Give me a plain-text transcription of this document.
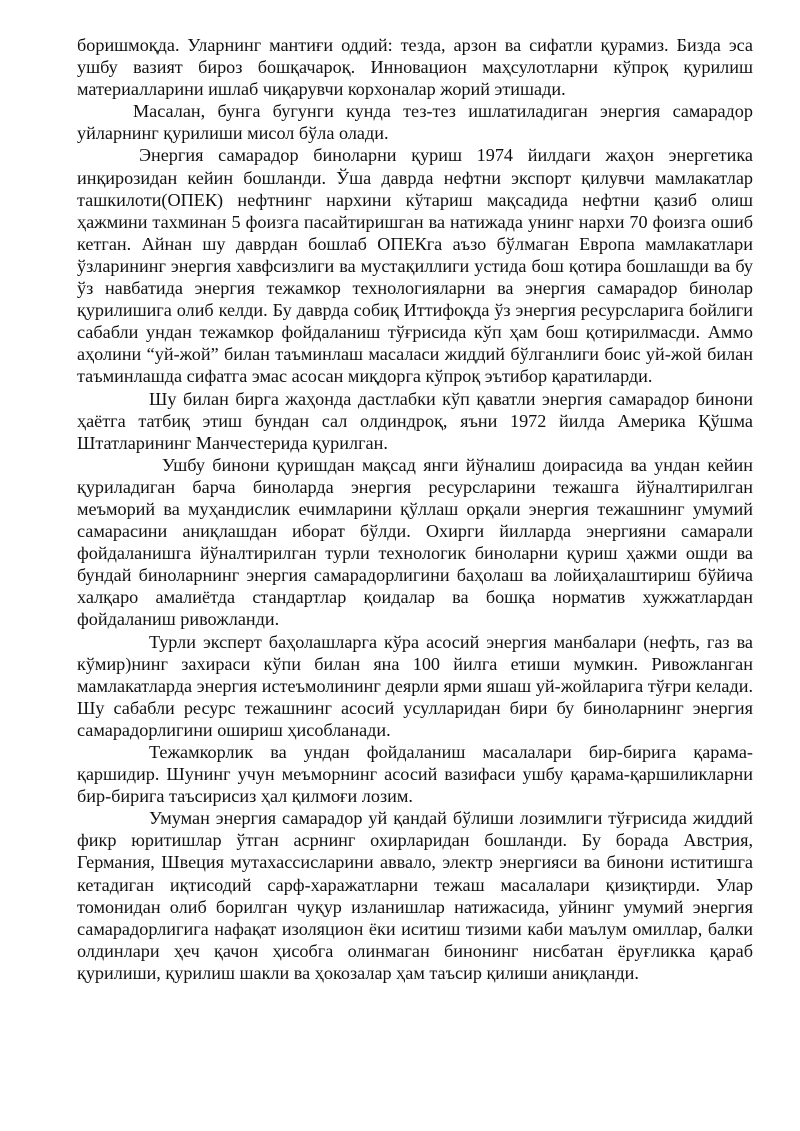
боришмоқда. Уларнинг мантиғи оддий: тезда, арзон ва сифатли қурамиз. Бизда эса ушбу вазият бироз бошқачароқ. Инновацион маҳсулотларни кўпроқ қурилиш материалларини ишлаб чиқарувчи корхоналар жорий этишади.

Масалан, бунга бугунги кунда тез-тез ишлатиладиган энергия самарадор уйларнинг қурилиши мисол бўла олади.

Энергия самарадор биноларни қуриш 1974 йилдаги жаҳон энергетика инқирозидан кейин бошланди. Ўша даврда нефтни экспорт қилувчи мамлакатлар ташкилоти(ОПЕК) нефтнинг нархини кўтариш мақсадида нефтни қазиб олиш ҳажмини тахминан 5 фоизга пасайтиришган ва натижада унинг нархи 70 фоизга ошиб кетган. Айнан шу даврдан бошлаб ОПЕКга аъзо бўлмаган Европа мамлакатлари ўзларининг энергия хавфсизлиги ва мустақиллиги устида бош қотира бошлашди ва бу ўз навбатида энергия тежамкор технологияларни ва энергия самарадор бинолар қурилишига олиб келди. Бу даврда собиқ Иттифоқда ўз энергия ресурсларига бойлиги сабабли ундан тежамкор фойдаланиш тўғрисида кўп ҳам бош қотирилмасди. Аммо аҳолини “уй-жой” билан таъминлаш масаласи жиддий бўлганлиги боис уй-жой билан таъминлашда сифатга эмас асосан миқдорга кўпроқ эътибор қаратиларди.

Шу билан бирга жаҳонда дастлабки кўп қаватли энергия самарадор бинони ҳаётга татбиқ этиш бундан сал олдиндроқ, яъни 1972 йилда Америка Қўшма Штатларининг Манчестерида қурилган.

Ушбу бинони қуришдан мақсад янги йўналиш доирасида ва ундан кейин қуриладиган барча биноларда энергия ресурсларини тежашга йўналтирилган меъморий ва муҳандислик ечимларини қўллаш орқали энергия тежашнинг умумий самарасини аниқлашдан иборат бўлди. Охирги йилларда энергияни самарали фойдаланишга йўналтирилган турли технологик биноларни қуриш ҳажми ошди ва бундай биноларнинг энергия самарадорлигини баҳолаш ва лойиҳалаштириш бўйича халқаро амалиётда стандартлар қоидалар ва бошқа норматив хужжатлардан фойдаланиш ривожланди.

Турли эксперт баҳолашларга кўра асосий энергия манбалари (нефть, газ ва кўмир)нинг захираси кўпи билан яна 100 йилга етиши мумкин. Ривожланган мамлакатларда энергия истеъмолининг деярли ярми яшаш уй-жойларига тўғри келади. Шу сабабли ресурс тежашнинг асосий усулларидан бири бу биноларнинг энергия самарадорлигини ошириш ҳисобланади.

Тежамкорлик ва ундан фойдаланиш масалалари бир-бирига қарама-қаршидир. Шунинг учун меъморнинг асосий вазифаси ушбу қарама-қаршиликларни бир-бирига таъсирисиз ҳал қилмоғи лозим.

Умуман энергия самарадор уй қандай бўлиши лозимлиги тўғрисида жиддий фикр юритишлар ўтган асрнинг охирларидан бошланди. Бу борада Австрия, Германия, Швеция мутахассисларини аввало, электр энергияси ва бинони иститишга кетадиган иқтисодий сарф-харажатларни тежаш масалалари қизиқтирди. Улар томонидан олиб борилган чуқур изланишлар натижасида, уйнинг умумий энергия самарадорлигига нафақат изоляцион ёки иситиш тизими каби маълум омиллар, балки олдинлари ҳеч қачон ҳисобга олинмаган бинонинг нисбатан ёруғликка қараб қурилиши, қурилиш шакли ва ҳокозалар ҳам таъсир қилиши аниқланди.
